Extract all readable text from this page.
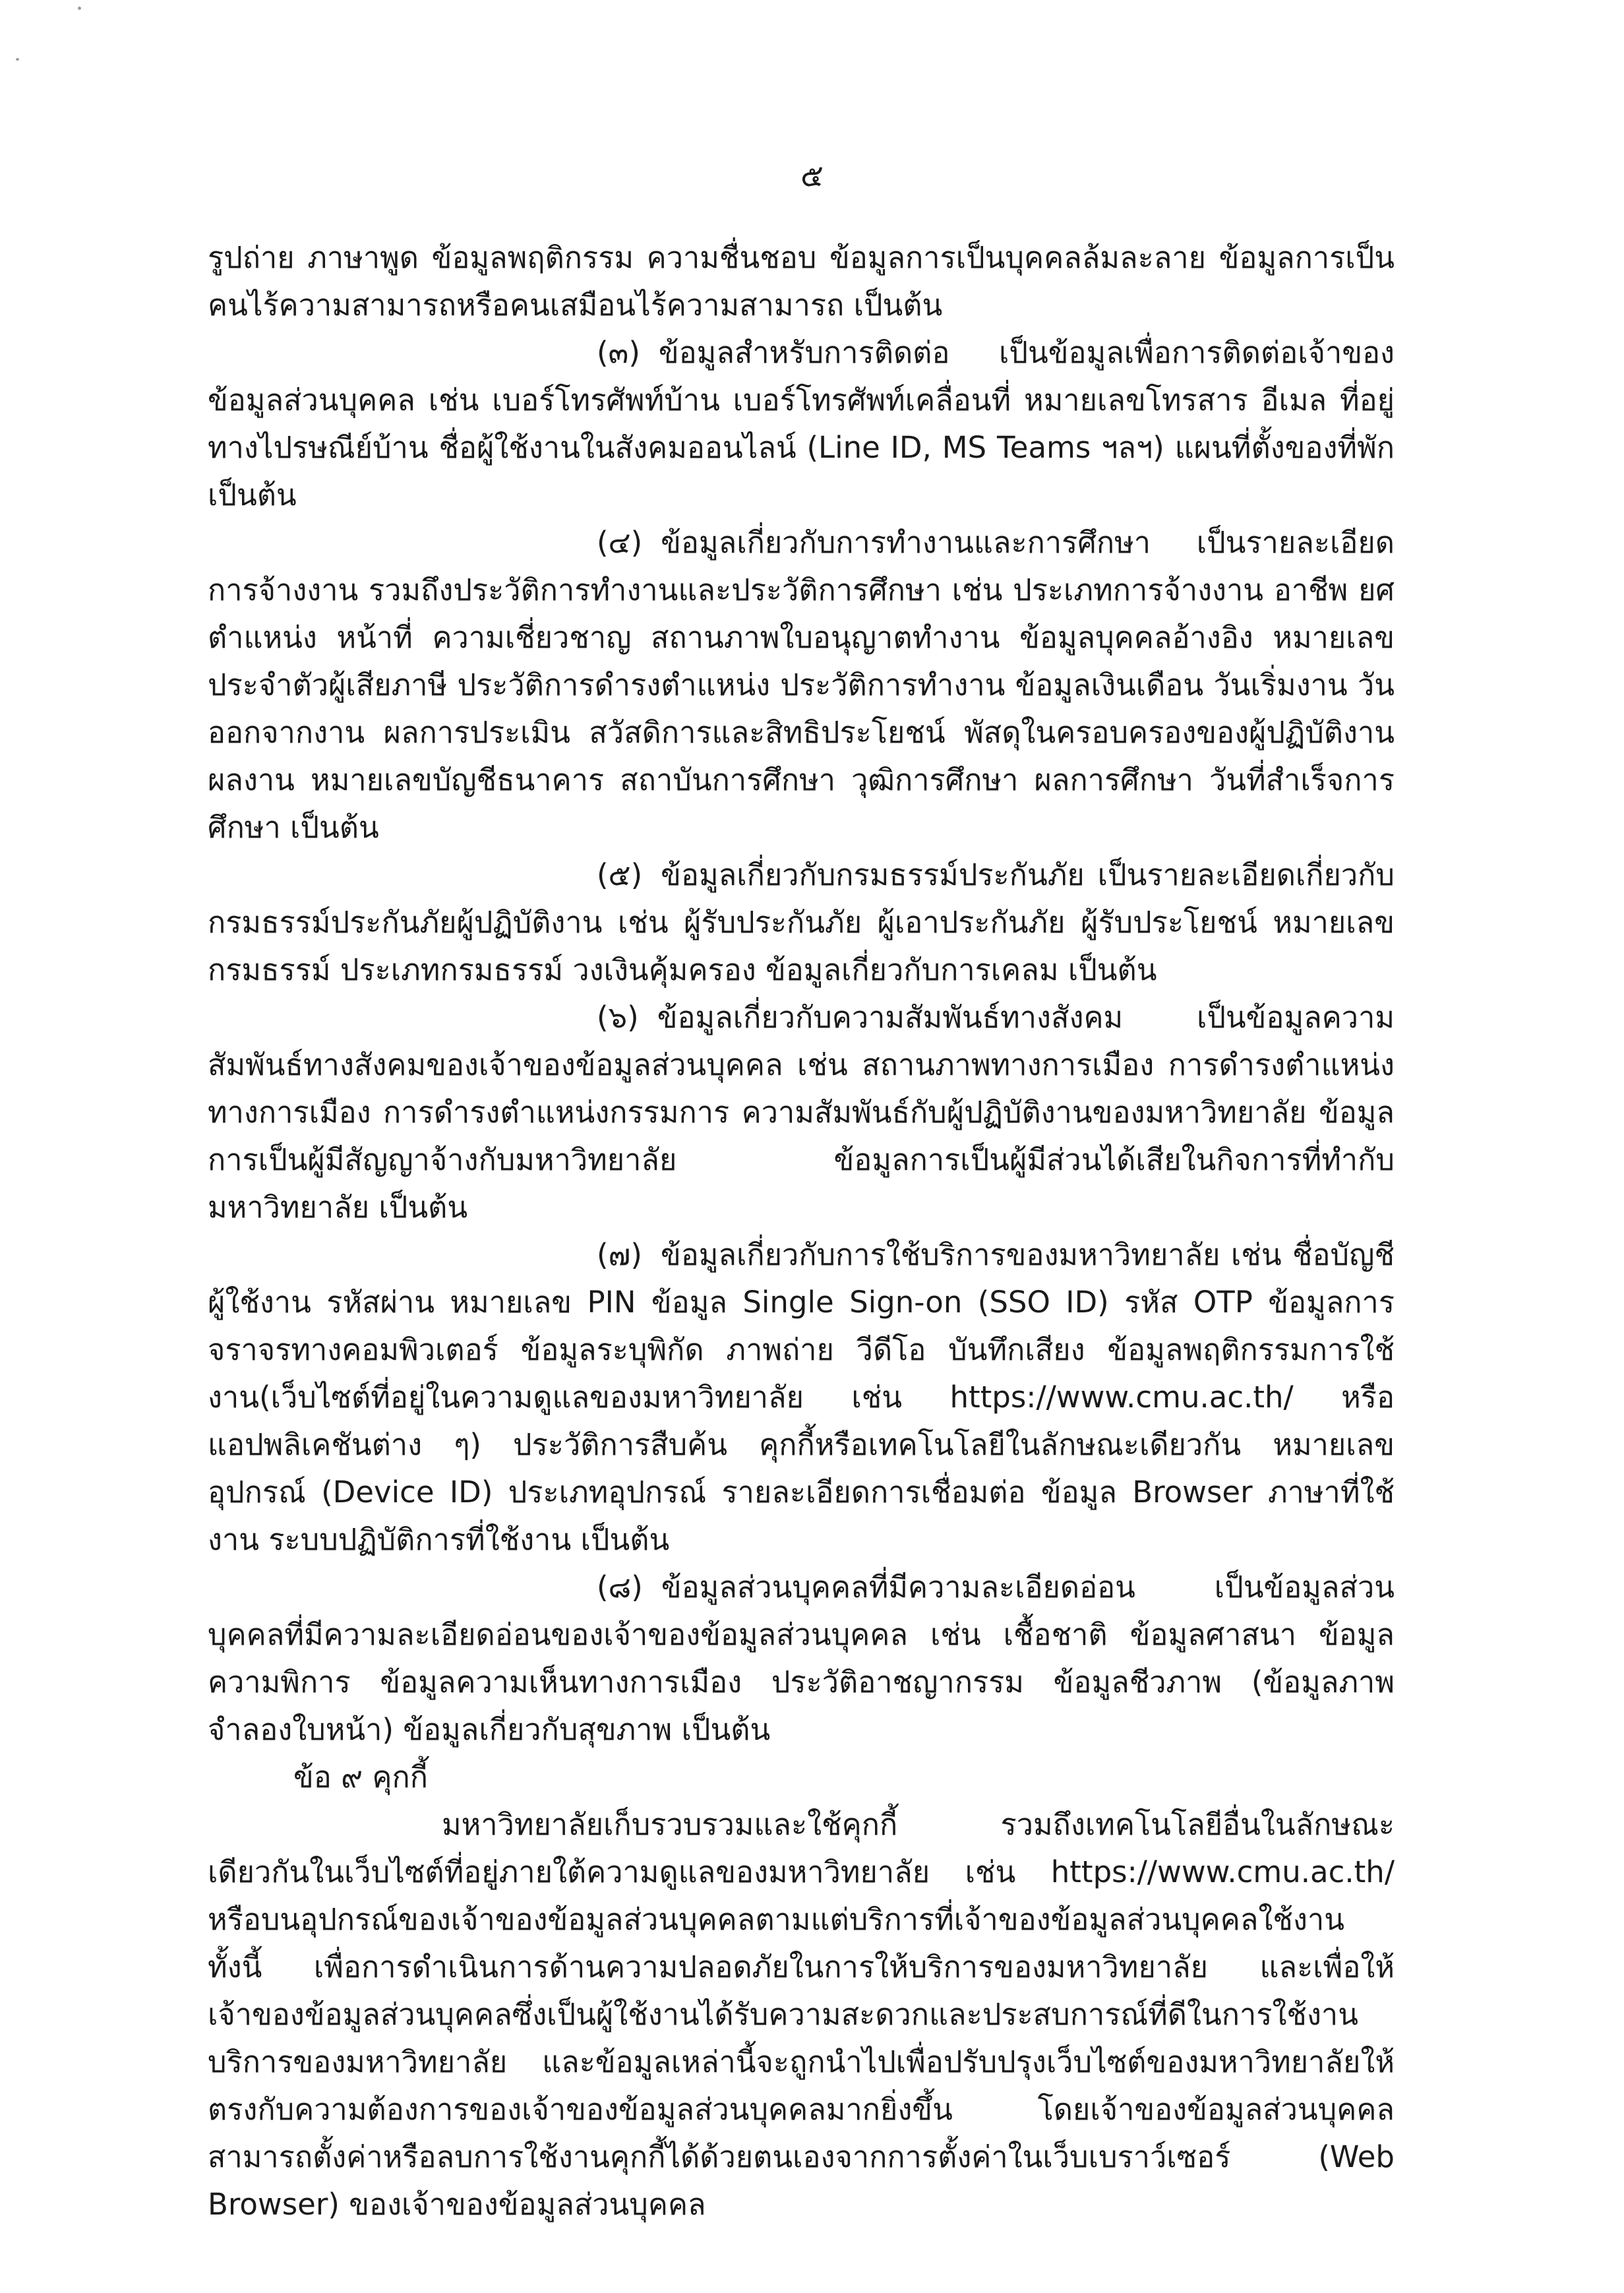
๕

รูปถ่าย ภาษาพูด ข้อมูลพฤติกรรม ความชื่นชอบ ข้อมูลการเป็นบุคคลล้มละลาย ข้อมูลการเป็นคนไร้ความสามารถหรือคนเสมือนไร้ความสามารถ เป็นต้น

(๓) ข้อมูลสำหรับการติดต่อ เป็นข้อมูลเพื่อการติดต่อเจ้าของข้อมูลส่วนบุคคล เช่น เบอร์โทรศัพท์บ้าน เบอร์โทรศัพท์เคลื่อนที่ หมายเลขโทรสาร อีเมล ที่อยู่ทางไปรษณีย์บ้าน ชื่อผู้ใช้งานในสังคมออนไลน์ (Line ID, MS Teams ฯลฯ) แผนที่ตั้งของที่พัก เป็นต้น

(๔) ข้อมูลเกี่ยวกับการทำงานและการศึกษา เป็นรายละเอียดการจ้างงาน รวมถึงประวัติการทำงานและประวัติการศึกษา เช่น ประเภทการจ้างงาน อาชีพ ยศ ตำแหน่ง หน้าที่ ความเชี่ยวชาญ สถานภาพใบอนุญาตทำงาน ข้อมูลบุคคลอ้างอิง หมายเลขประจำตัวผู้เสียภาษี ประวัติการดำรงตำแหน่ง ประวัติการทำงาน ข้อมูลเงินเดือน วันเริ่มงาน วันออกจากงาน ผลการประเมิน สวัสดิการและสิทธิประโยชน์ พัสดุในครอบครองของผู้ปฏิบัติงาน ผลงาน หมายเลขบัญชีธนาคาร สถาบันการศึกษา วุฒิการศึกษา ผลการศึกษา วันที่สำเร็จการศึกษา เป็นต้น

(๕) ข้อมูลเกี่ยวกับกรมธรรม์ประกันภัย เป็นรายละเอียดเกี่ยวกับกรมธรรม์ประกันภัยผู้ปฏิบัติงาน เช่น ผู้รับประกันภัย ผู้เอาประกันภัย ผู้รับประโยชน์ หมายเลขกรมธรรม์ ประเภทกรมธรรม์ วงเงินคุ้มครอง ข้อมูลเกี่ยวกับการเคลม เป็นต้น

(๖) ข้อมูลเกี่ยวกับความสัมพันธ์ทางสังคม เป็นข้อมูลความสัมพันธ์ทางสังคมของเจ้าของข้อมูลส่วนบุคคล เช่น สถานภาพทางการเมือง การดำรงตำแหน่งทางการเมือง การดำรงตำแหน่งกรรมการ ความสัมพันธ์กับผู้ปฏิบัติงานของมหาวิทยาลัย ข้อมูลการเป็นผู้มีสัญญาจ้างกับมหาวิทยาลัย ข้อมูลการเป็นผู้มีส่วนได้เสียในกิจการที่ทำกับมหาวิทยาลัย เป็นต้น

(๗) ข้อมูลเกี่ยวกับการใช้บริการของมหาวิทยาลัย เช่น ชื่อบัญชีผู้ใช้งาน รหัสผ่าน หมายเลข PIN ข้อมูล Single Sign-on (SSO ID) รหัส OTP ข้อมูลการจราจรทางคอมพิวเตอร์ ข้อมูลระบุพิกัด ภาพถ่าย วีดีโอ บันทึกเสียง ข้อมูลพฤติกรรมการใช้งาน(เว็บไซต์ที่อยู่ในความดูแลของมหาวิทยาลัย เช่น https://www.cmu.ac.th/ หรือ แอปพลิเคชันต่าง ๆ) ประวัติการสืบค้น คุกกี้หรือเทคโนโลยีในลักษณะเดียวกัน หมายเลขอุปกรณ์ (Device ID) ประเภทอุปกรณ์ รายละเอียดการเชื่อมต่อ ข้อมูล Browser ภาษาที่ใช้งาน ระบบปฏิบัติการที่ใช้งาน เป็นต้น

(๘) ข้อมูลส่วนบุคคลที่มีความละเอียดอ่อน เป็นข้อมูลส่วนบุคคลที่มีความละเอียดอ่อนของเจ้าของข้อมูลส่วนบุคคล เช่น เชื้อชาติ ข้อมูลศาสนา ข้อมูลความพิการ ข้อมูลความเห็นทางการเมือง ประวัติอาชญากรรม ข้อมูลชีวภาพ (ข้อมูลภาพจำลองใบหน้า) ข้อมูลเกี่ยวกับสุขภาพ เป็นต้น

ข้อ ๙ คุกกี้

มหาวิทยาลัยเก็บรวบรวมและใช้คุกกี้ รวมถึงเทคโนโลยีอื่นในลักษณะเดียวกันในเว็บไซต์ที่อยู่ภายใต้ความดูแลของมหาวิทยาลัย เช่น https://www.cmu.ac.th/ หรือบนอุปกรณ์ของเจ้าของข้อมูลส่วนบุคคลตามแต่บริการที่เจ้าของข้อมูลส่วนบุคคลใช้งาน ทั้งนี้ เพื่อการดำเนินการด้านความปลอดภัยในการให้บริการของมหาวิทยาลัย และเพื่อให้เจ้าของข้อมูลส่วนบุคคลซึ่งเป็นผู้ใช้งานได้รับความสะดวกและประสบการณ์ที่ดีในการใช้งานบริการของมหาวิทยาลัย และข้อมูลเหล่านี้จะถูกนำไปเพื่อปรับปรุงเว็บไซต์ของมหาวิทยาลัยให้ตรงกับความต้องการของเจ้าของข้อมูลส่วนบุคคลมากยิ่งขึ้น โดยเจ้าของข้อมูลส่วนบุคคลสามารถตั้งค่าหรือลบการใช้งานคุกกี้ได้ด้วยตนเองจากการตั้งค่าในเว็บเบราว์เซอร์ (Web Browser) ของเจ้าของข้อมูลส่วนบุคคล
